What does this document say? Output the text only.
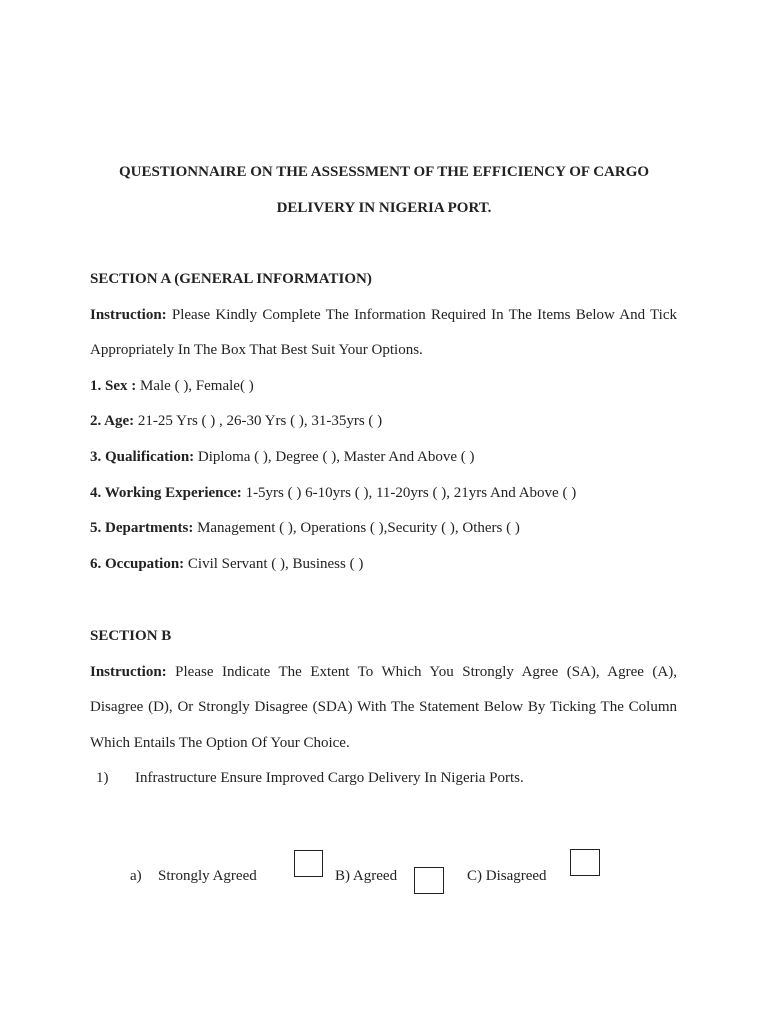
QUESTIONNAIRE ON THE ASSESSMENT OF THE EFFICIENCY OF CARGO
DELIVERY IN NIGERIA PORT.
SECTION A (GENERAL INFORMATION)
Instruction: Please Kindly Complete The Information Required In The Items Below And Tick
Appropriately In The Box That Best Suit Your Options.
1. Sex : Male ( ), Female( )
2. Age: 21-25 Yrs ( ) , 26-30 Yrs ( ), 31-35yrs ( )
3. Qualification: Diploma ( ), Degree ( ), Master And Above ( )
4. Working Experience: 1-5yrs ( ) 6-10yrs ( ), 11-20yrs ( ), 21yrs And Above ( )
5. Departments: Management ( ), Operations ( ),Security ( ), Others ( )
6. Occupation: Civil Servant ( ), Business ( )
SECTION B
Instruction: Please Indicate The Extent To Which You Strongly Agree (SA), Agree (A),
Disagree (D), Or Strongly Disagree (SDA) With The Statement Below By Ticking The Column
Which Entails The Option Of Your Choice.
1) Infrastructure Ensure Improved Cargo Delivery In Nigeria Ports.
a) Strongly Agreed	B) Agreed	C) Disagreed
